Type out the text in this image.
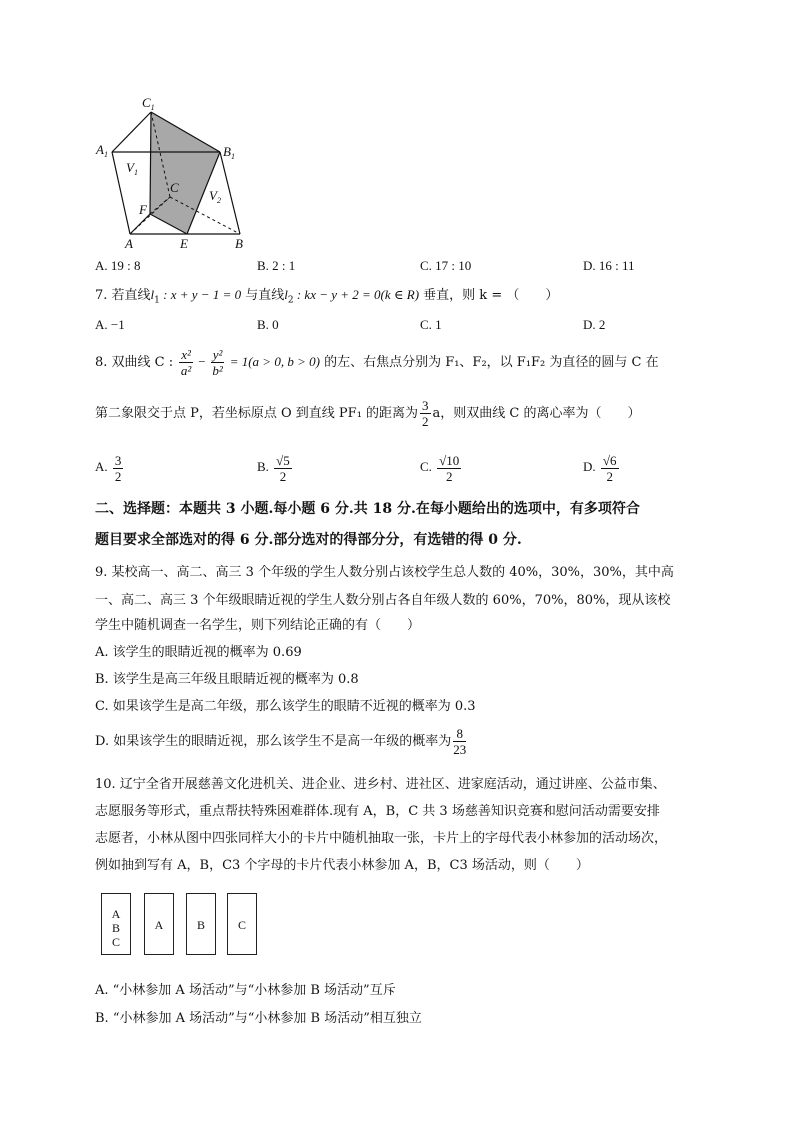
$C_1$
$A_1$	$B_1$
$V_1$
$V_2$
C
F
A	E	B
A. 19 : 8	B. 2 : 1	C. 17 : 10	D. 16 : 11
7. 若直线$l_1$ : x + y − 1 = 0 与直线$l_2$ : kx − y + 2 = 0(k ∈ R) 垂直，则 k = （　　）
A. −1	B. 0	C. 1	D. 2
8. 双曲线 C : $\frac{\text{x²}}{\text{a²}} - \frac{\text{y²}}{\text{b²}} = 1(a > 0$, b > 0) 的左、右焦点分别为 F₁、F₂，以 F₁F₂ 为直径的圆与 C 在
第二象限交于点 P，若坐标原点 O 到直线 PF₁ 的距离为 $\frac{3}{2}$ a，则双曲线 C 的离心率为（　　）
A. $\frac{3}{2}$	B. $\frac{√5}{2}$	C. $\frac{√10}{2}$	D. $\frac{√6}{2}$
二、选择题：本题共 3 小题.每小题 6 分.共 18 分.在每小题给出的选项中，有多项符合
题目要求全部选对的得 6 分.部分选对的得部分分，有选错的得 0 分.
9. 某校高一、高二、高三 3 个年级的学生人数分别占该校学生总人数的 40%，30%，30%，其中高
一、高二、高三 3 个年级眼睛近视的学生人数分别占各自年级人数的 60%，70%，80%，现从该校
学生中随机调查一名学生，则下列结论正确的有（　　）
A. 该学生的眼睛近视的概率为 0.69
B. 该学生是高三年级且眼睛近视的概率为 0.8
C. 如果该学生是高二年级，那么该学生的眼睛不近视的概率为 0.3
D. 如果该学生的眼睛近视，那么该学生不是高一年级的概率为 $\frac{8}{23}$
10. 辽宁全省开展慈善文化进机关、进企业、进乡村、进社区、进家庭活动，通过讲座、公益市集、
志愿服务等形式，重点帮扶特殊困难群体.现有 A，B，C 共 3 场慈善知识竞赛和慰问活动需要安排
志愿者，小林从图中四张同样大小的卡片中随机抽取一张，卡片上的字母代表小林参加的活动场次，
例如抽到写有 A，B，C3 个字母的卡片代表小林参加 A，B，C3 场活动，则（　　）
A
B
C
A	B	C
A. “小林参加 A 场活动”与“小林参加 B 场活动”互斥
B. “小林参加 A 场活动”与“小林参加 B 场活动”相互独立
